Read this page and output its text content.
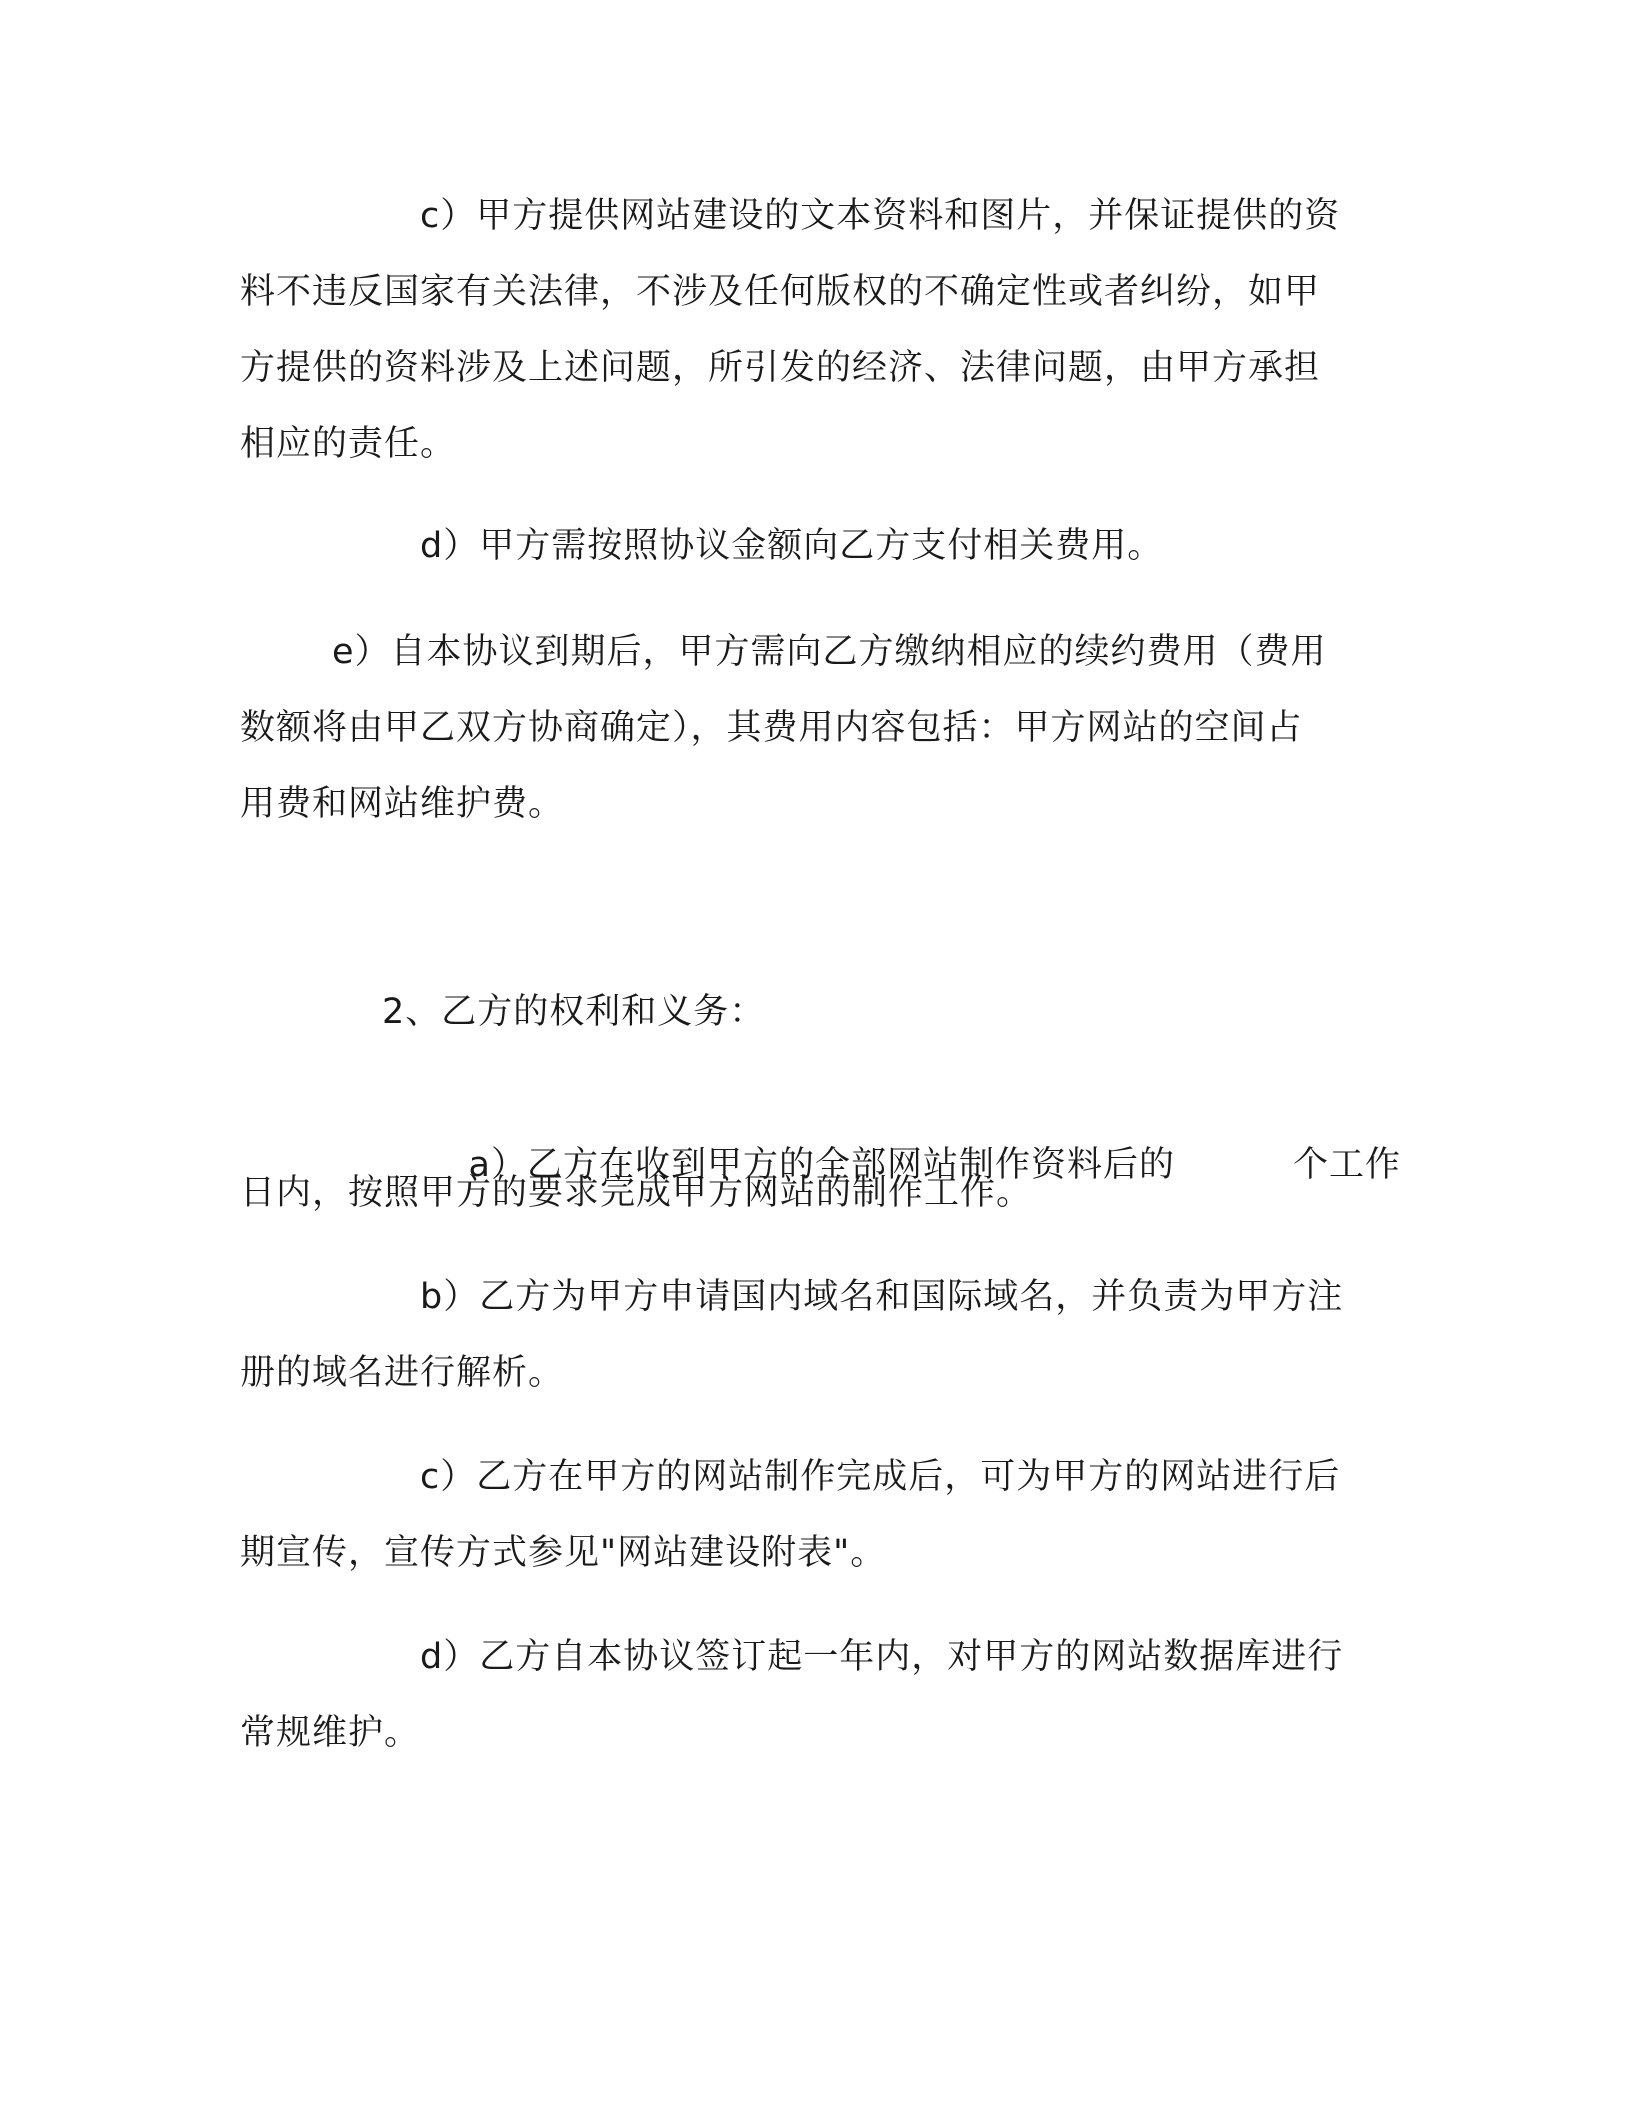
c）甲方提供网站建设的文本资料和图片，并保证提供的资
料不违反国家有关法律，不涉及任何版权的不确定性或者纠纷，如甲
方提供的资料涉及上述问题，所引发的经济、法律问题，由甲方承担
相应的责任。
d）甲方需按照协议金额向乙方支付相关费用。
e）自本协议到期后，甲方需向乙方缴纳相应的续约费用（费用
数额将由甲乙双方协商确定），其费用内容包括：甲方网站的空间占
用费和网站维护费。
2、乙方的权利和义务：

a）乙方在收到甲方的全部网站制作资料后的	个工作

日内，按照甲方的要求完成甲方网站的制作工作。
b）乙方为甲方申请国内域名和国际域名，并负责为甲方注
册的域名进行解析。
c）乙方在甲方的网站制作完成后，可为甲方的网站进行后
期宣传，宣传方式参见"网站建设附表"。
d）乙方自本协议签订起一年内，对甲方的网站数据库进行
常规维护。
